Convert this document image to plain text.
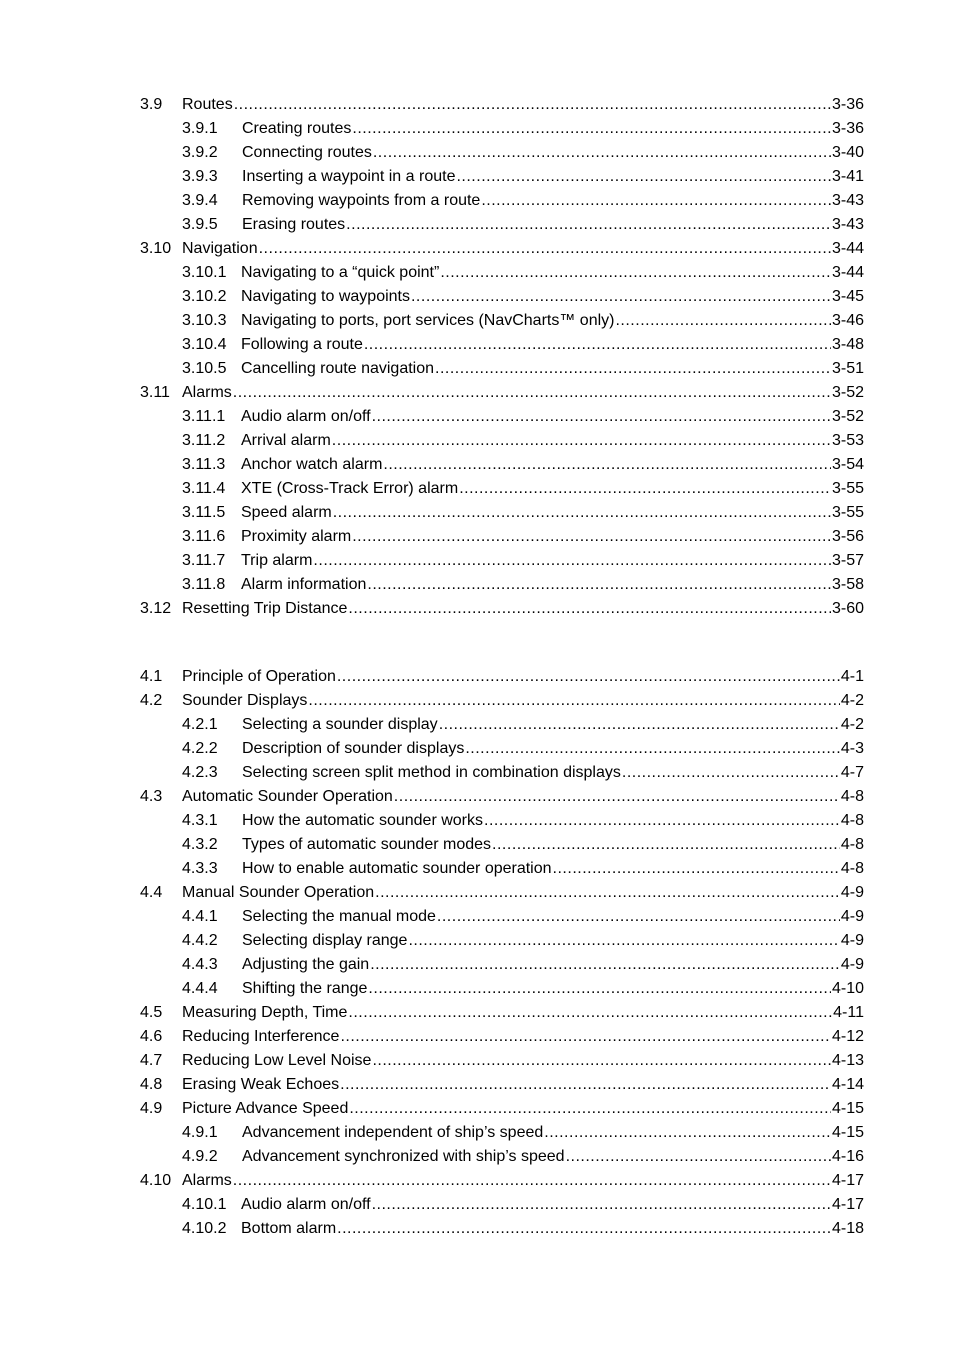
3.9 Routes .....	3-36
3.9.1 Creating routes .....	3-36
3.9.2 Connecting routes .....	3-40
3.9.3 Inserting a waypoint in a route .....	3-41
3.9.4 Removing waypoints from a route .....	3-43
3.9.5 Erasing routes .....	3-43
3.10 Navigation .....	3-44
3.10.1 Navigating to a “quick point” .....	3-44
3.10.2 Navigating to waypoints .....	3-45
3.10.3 Navigating to ports, port services (NavCharts™ only) .....	3-46
3.10.4 Following a route .....	3-48
3.10.5 Cancelling route navigation .....	3-51
3.11 Alarms .....	3-52
3.11.1 Audio alarm on/off .....	3-52
3.11.2 Arrival alarm .....	3-53
3.11.3 Anchor watch alarm .....	3-54
3.11.4 XTE (Cross-Track Error) alarm .....	3-55
3.11.5 Speed alarm .....	3-55
3.11.6 Proximity alarm .....	3-56
3.11.7 Trip alarm .....	3-57
3.11.8 Alarm information .....	3-58
3.12 Resetting Trip Distance .....	3-60
4.1 Principle of Operation .....	4-1
4.2 Sounder Displays .....	4-2
4.2.1 Selecting a sounder display .....	4-2
4.2.2 Description of sounder displays .....	4-3
4.2.3 Selecting screen split method in combination displays .....	4-7
4.3 Automatic Sounder Operation .....	4-8
4.3.1 How the automatic sounder works .....	4-8
4.3.2 Types of automatic sounder modes .....	4-8
4.3.3 How to enable automatic sounder operation .....	4-8
4.4 Manual Sounder Operation .....	4-9
4.4.1 Selecting the manual mode .....	4-9
4.4.2 Selecting display range .....	4-9
4.4.3 Adjusting the gain .....	4-9
4.4.4 Shifting the range .....	4-10
4.5 Measuring Depth, Time .....	4-11
4.6 Reducing Interference .....	4-12
4.7 Reducing Low Level Noise .....	4-13
4.8 Erasing Weak Echoes .....	4-14
4.9 Picture Advance Speed .....	4-15
4.9.1 Advancement independent of ship’s speed .....	4-15
4.9.2 Advancement synchronized with ship’s speed .....	4-16
4.10 Alarms .....	4-17
4.10.1 Audio alarm on/off .....	4-17
4.10.2 Bottom alarm .....	4-18
